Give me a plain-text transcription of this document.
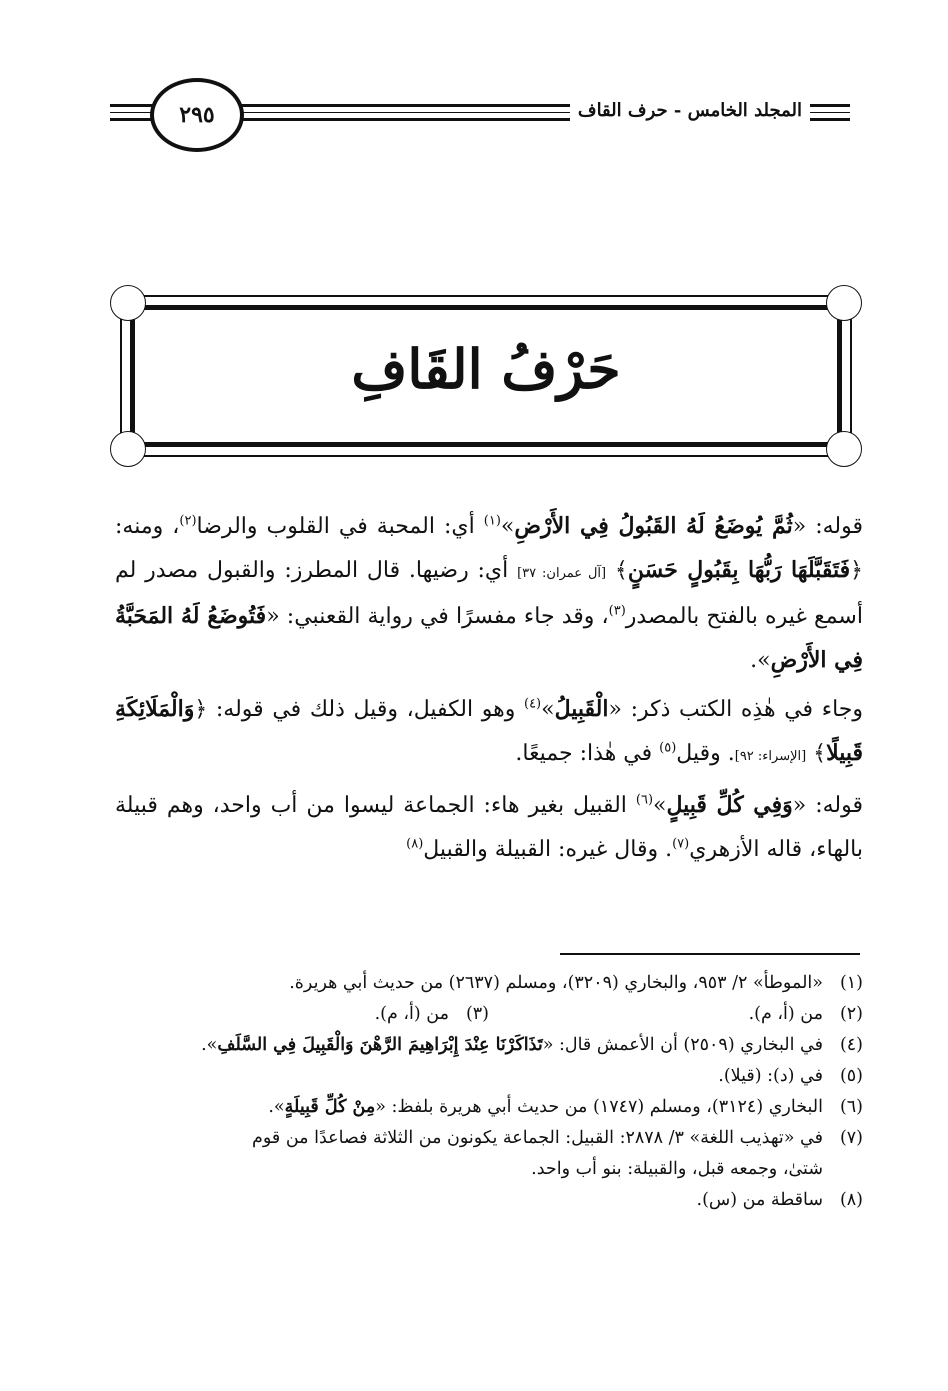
٢٩٥	المجلد الخامس - حرف القاف
حَرْفُ القَافِ

قوله: «ثُمَّ يُوضَعُ لَهُ القَبُولُ فِي الأَرْضِ»$^{(١)}$ أي: المحبة في القلوب والرضا$^{(٢)}$، ومنه: ﴿فَتَقَبَّلَهَا رَبُّهَا بِقَبُولٍ حَسَنٍ﴾ [آل عمران: ٣٧] أي: رضيها. قال المطرز: والقبول مصدر لم أسمع غيره بالفتح بالمصدر$^{(٣)}$، وقد جاء مفسرًا في رواية القعنبي: «فَتُوضَعُ لَهُ المَحَبَّةُ فِي الأَرْضِ».

وجاء في هٰذِه الكتب ذكر: «الْقَبِيلُ»$^{(٤)}$ وهو الكفيل، وقيل ذلك في قوله: ﴿وَالْمَلَائِكَةِ قَبِيلًا﴾ [الإسراء: ٩٢]. وقيل$^{(٥)}$ في هٰذا: جميعًا.

قوله: «وَفِي كُلِّ قَبِيلٍ»$^{(٦)}$ القبيل بغير هاء: الجماعة ليسوا من أب واحد، وهم قبيلة بالهاء، قاله الأزهري$^{(٧)}$. وقال غيره: القبيلة والقبيل$^{(٨)}$

(١)
«الموطأ» ٢/ ٩٥٣، والبخاري (٣٢٠٩)، ومسلم (٢٦٣٧) من حديث أبي هريرة.
(٢)
من (أ، م).
(٣)
من (أ، م).
(٤)
في البخاري (٢٥٠٩) أن الأعمش قال: «تَذَاكَرْنَا عِنْدَ إِبْرَاهِيمَ الرَّهْنَ وَالْقَبِيلَ فِي السَّلَفِ».
(٥)
في (د): (قيلا).
(٦)
البخاري (٣١٢٤)، ومسلم (١٧٤٧) من حديث أبي هريرة بلفظ: «مِنْ كُلِّ قَبِيلَةٍ».
(٧)
في «تهذيب اللغة» ٣/ ٢٨٧٨: القبيل: الجماعة يكونون من الثلاثة فصاعدًا من قوم
شتىٰ، وجمعه قبل، والقبيلة: بنو أب واحد.
(٨)
ساقطة من (س).
